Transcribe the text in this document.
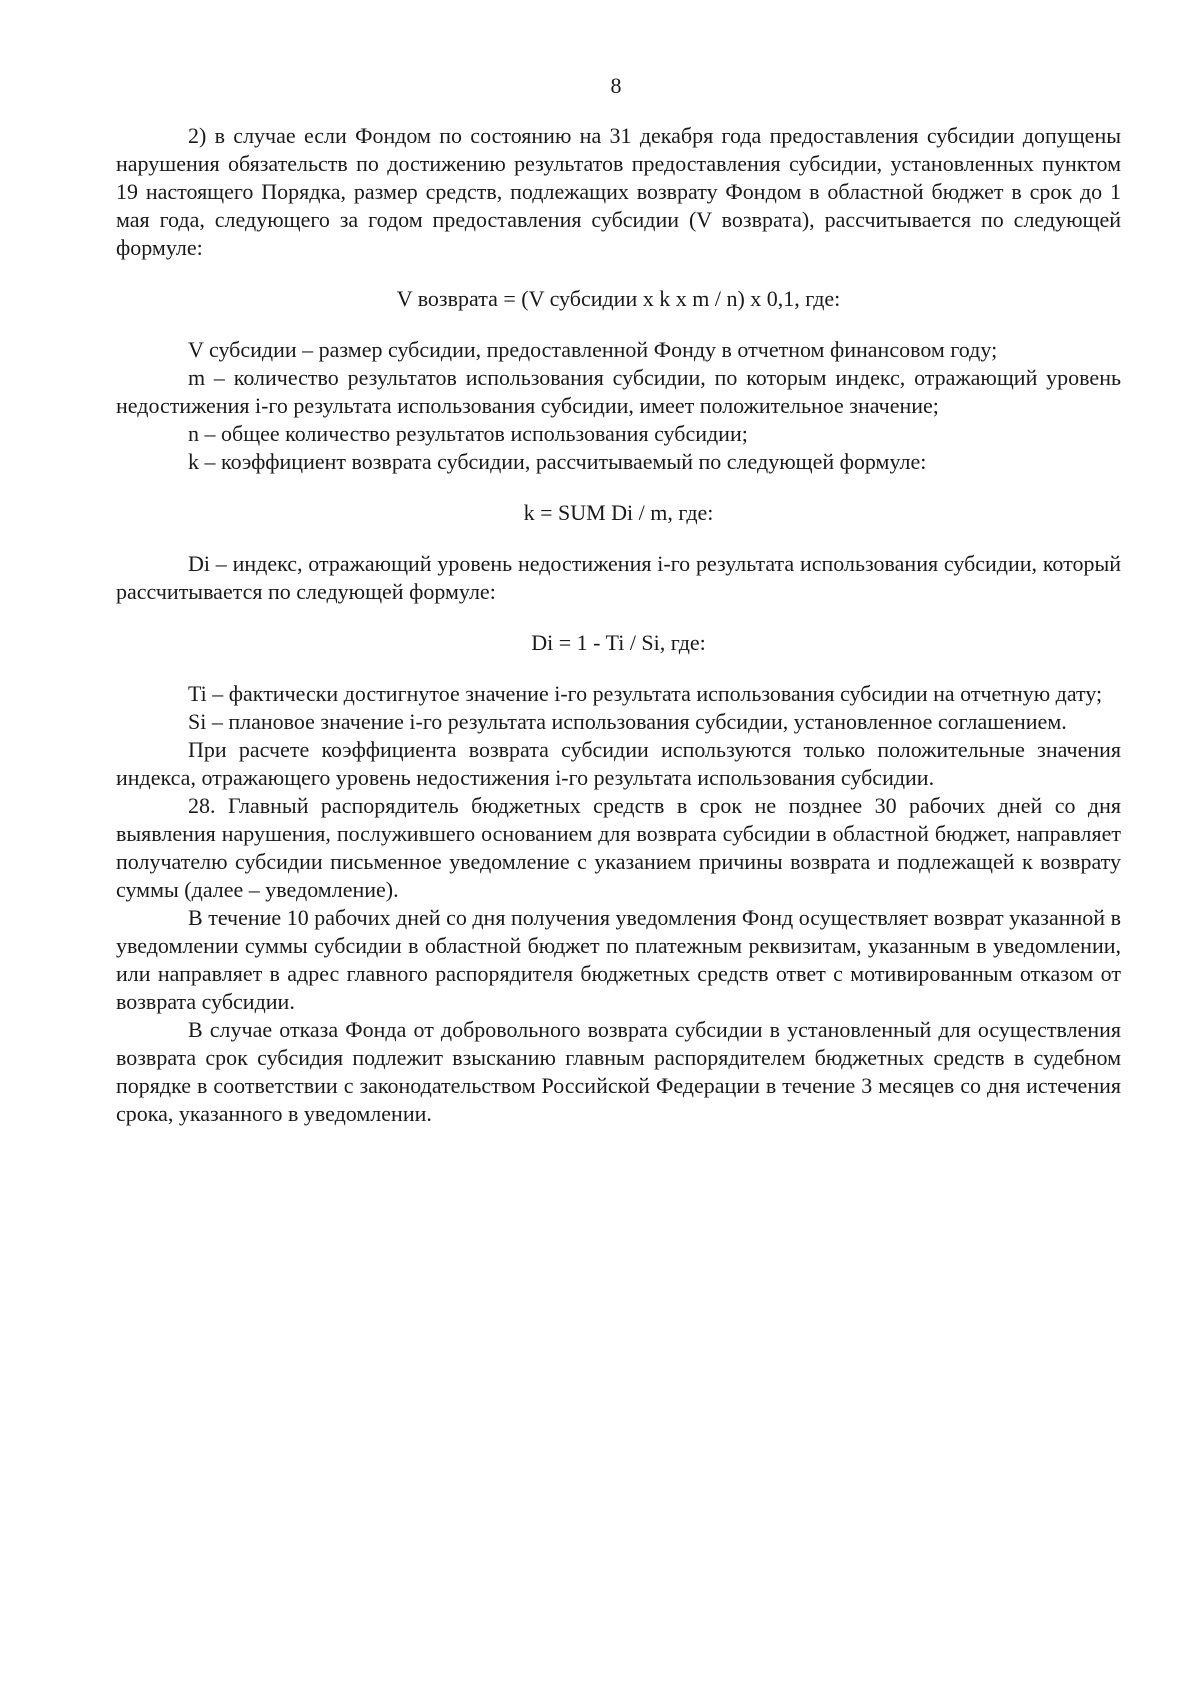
8

2) в случае если Фондом по состоянию на 31 декабря года предоставления субсидии допущены нарушения обязательств по достижению результатов предоставления субсидии, установленных пунктом 19 настоящего Порядка, размер средств, подлежащих возврату Фондом в областной бюджет в срок до 1 мая года, следующего за годом предоставления субсидии (V возврата), рассчитывается по следующей формуле:

V возврата = (V субсидии x k x m / n) x 0,1, где:

V субсидии – размер субсидии, предоставленной Фонду в отчетном финансовом году;

m – количество результатов использования субсидии, по которым индекс, отражающий уровень недостижения i-го результата использования субсидии, имеет положительное значение;

n – общее количество результатов использования субсидии;

k – коэффициент возврата субсидии, рассчитываемый по следующей формуле:

k = SUM Di / m, где:

Di – индекс, отражающий уровень недостижения i-го результата использования субсидии, который рассчитывается по следующей формуле:

Di = 1 - Ti / Si, где:

Ti – фактически достигнутое значение i-го результата использования субсидии на отчетную дату;

Si – плановое значение i-го результата использования субсидии, установленное соглашением.

При расчете коэффициента возврата субсидии используются только положительные значения индекса, отражающего уровень недостижения i-го результата использования субсидии.

28. Главный распорядитель бюджетных средств в срок не позднее 30 рабочих дней со дня выявления нарушения, послужившего основанием для возврата субсидии в областной бюджет, направляет получателю субсидии письменное уведомление с указанием причины возврата и подлежащей к возврату суммы (далее – уведомление).

В течение 10 рабочих дней со дня получения уведомления Фонд осуществляет возврат указанной в уведомлении суммы субсидии в областной бюджет по платежным реквизитам, указанным в уведомлении, или направляет в адрес главного распорядителя бюджетных средств ответ с мотивированным отказом от возврата субсидии.

В случае отказа Фонда от добровольного возврата субсидии в установленный для осуществления возврата срок субсидия подлежит взысканию главным распорядителем бюджетных средств в судебном порядке в соответствии с законодательством Российской Федерации в течение 3 месяцев со дня истечения срока, указанного в уведомлении.
